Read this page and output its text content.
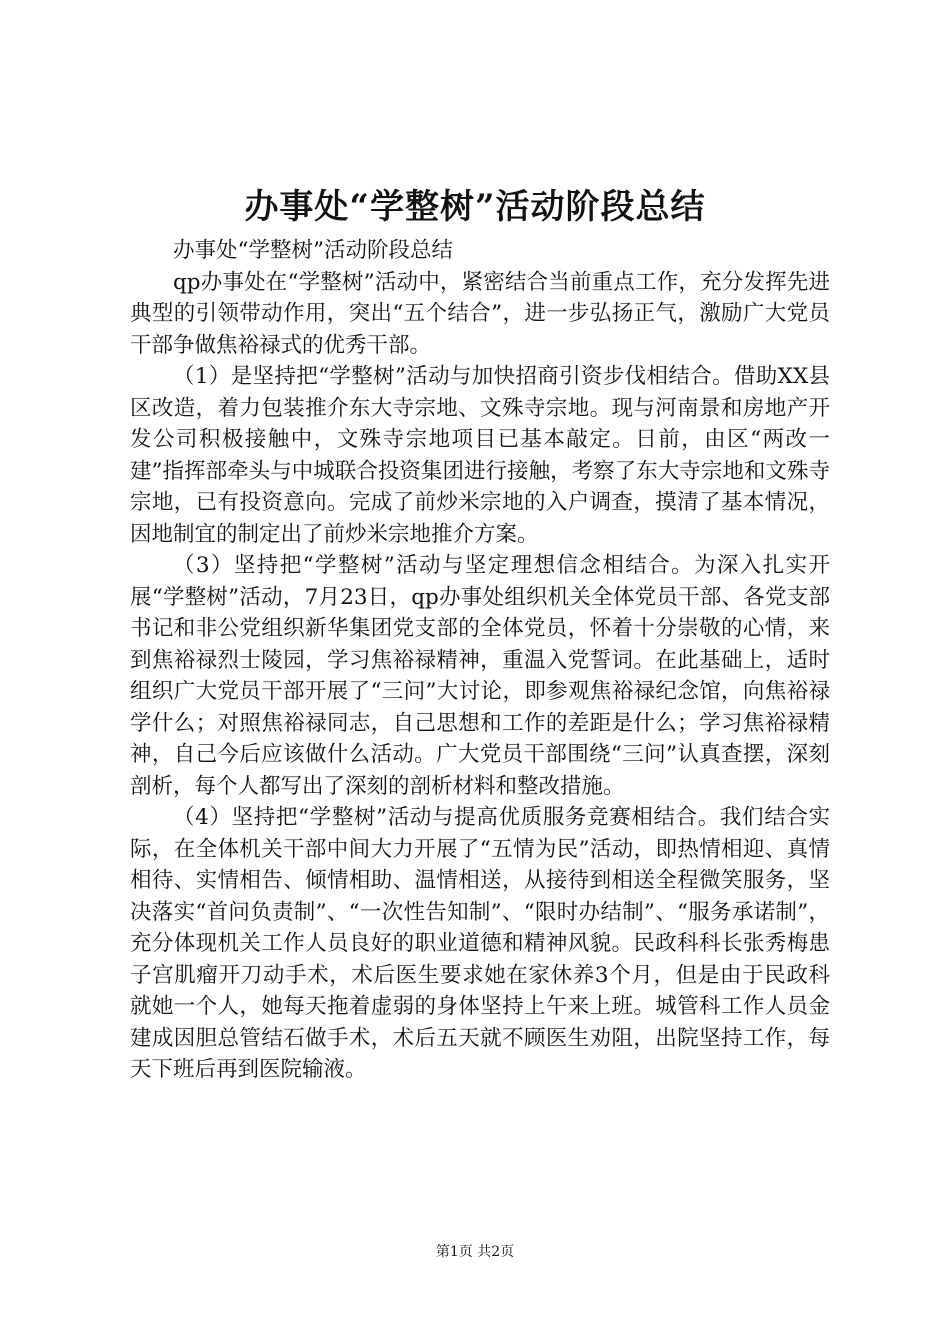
办事处“学整树”活动阶段总结

办事处“学整树”活动阶段总结

qp办事处在“学整树”活动中，紧密结合当前重点工作，充分发挥先进典型的引领带动作用，突出“五个结合”，进一步弘扬正气，激励广大党员干部争做焦裕禄式的优秀干部。

（1）是坚持把“学整树”活动与加快招商引资步伐相结合。借助XX县区改造，着力包装推介东大寺宗地、文殊寺宗地。现与河南景和房地产开发公司积极接触中，文殊寺宗地项目已基本敲定。日前，由区“两改一建”指挥部牵头与中城联合投资集团进行接触，考察了东大寺宗地和文殊寺宗地，已有投资意向。完成了前炒米宗地的入户调查，摸清了基本情况，因地制宜的制定出了前炒米宗地推介方案。

（3）坚持把“学整树”活动与坚定理想信念相结合。为深入扎实开展“学整树”活动，7月23日，qp办事处组织机关全体党员干部、各党支部书记和非公党组织新华集团党支部的全体党员，怀着十分崇敬的心情，来到焦裕禄烈士陵园，学习焦裕禄精神，重温入党誓词。在此基础上，适时组织广大党员干部开展了“三问”大讨论，即参观焦裕禄纪念馆，向焦裕禄学什么；对照焦裕禄同志，自己思想和工作的差距是什么；学习焦裕禄精神，自己今后应该做什么活动。广大党员干部围绕“三问”认真查摆，深刻剖析，每个人都写出了深刻的剖析材料和整改措施。

（4）坚持把“学整树”活动与提高优质服务竞赛相结合。我们结合实际，在全体机关干部中间大力开展了“五情为民”活动，即热情相迎、真情相待、实情相告、倾情相助、温情相送，从接待到相送全程微笑服务，坚决落实“首问负责制”、“一次性告知制”、“限时办结制”、“服务承诺制”，充分体现机关工作人员良好的职业道德和精神风貌。民政科科长张秀梅患子宫肌瘤开刀动手术，术后医生要求她在家休养3个月，但是由于民政科就她一个人，她每天拖着虚弱的身体坚持上午来上班。城管科工作人员金建成因胆总管结石做手术，术后五天就不顾医生劝阻，出院坚持工作，每天下班后再到医院输液。

第1页 共2页
